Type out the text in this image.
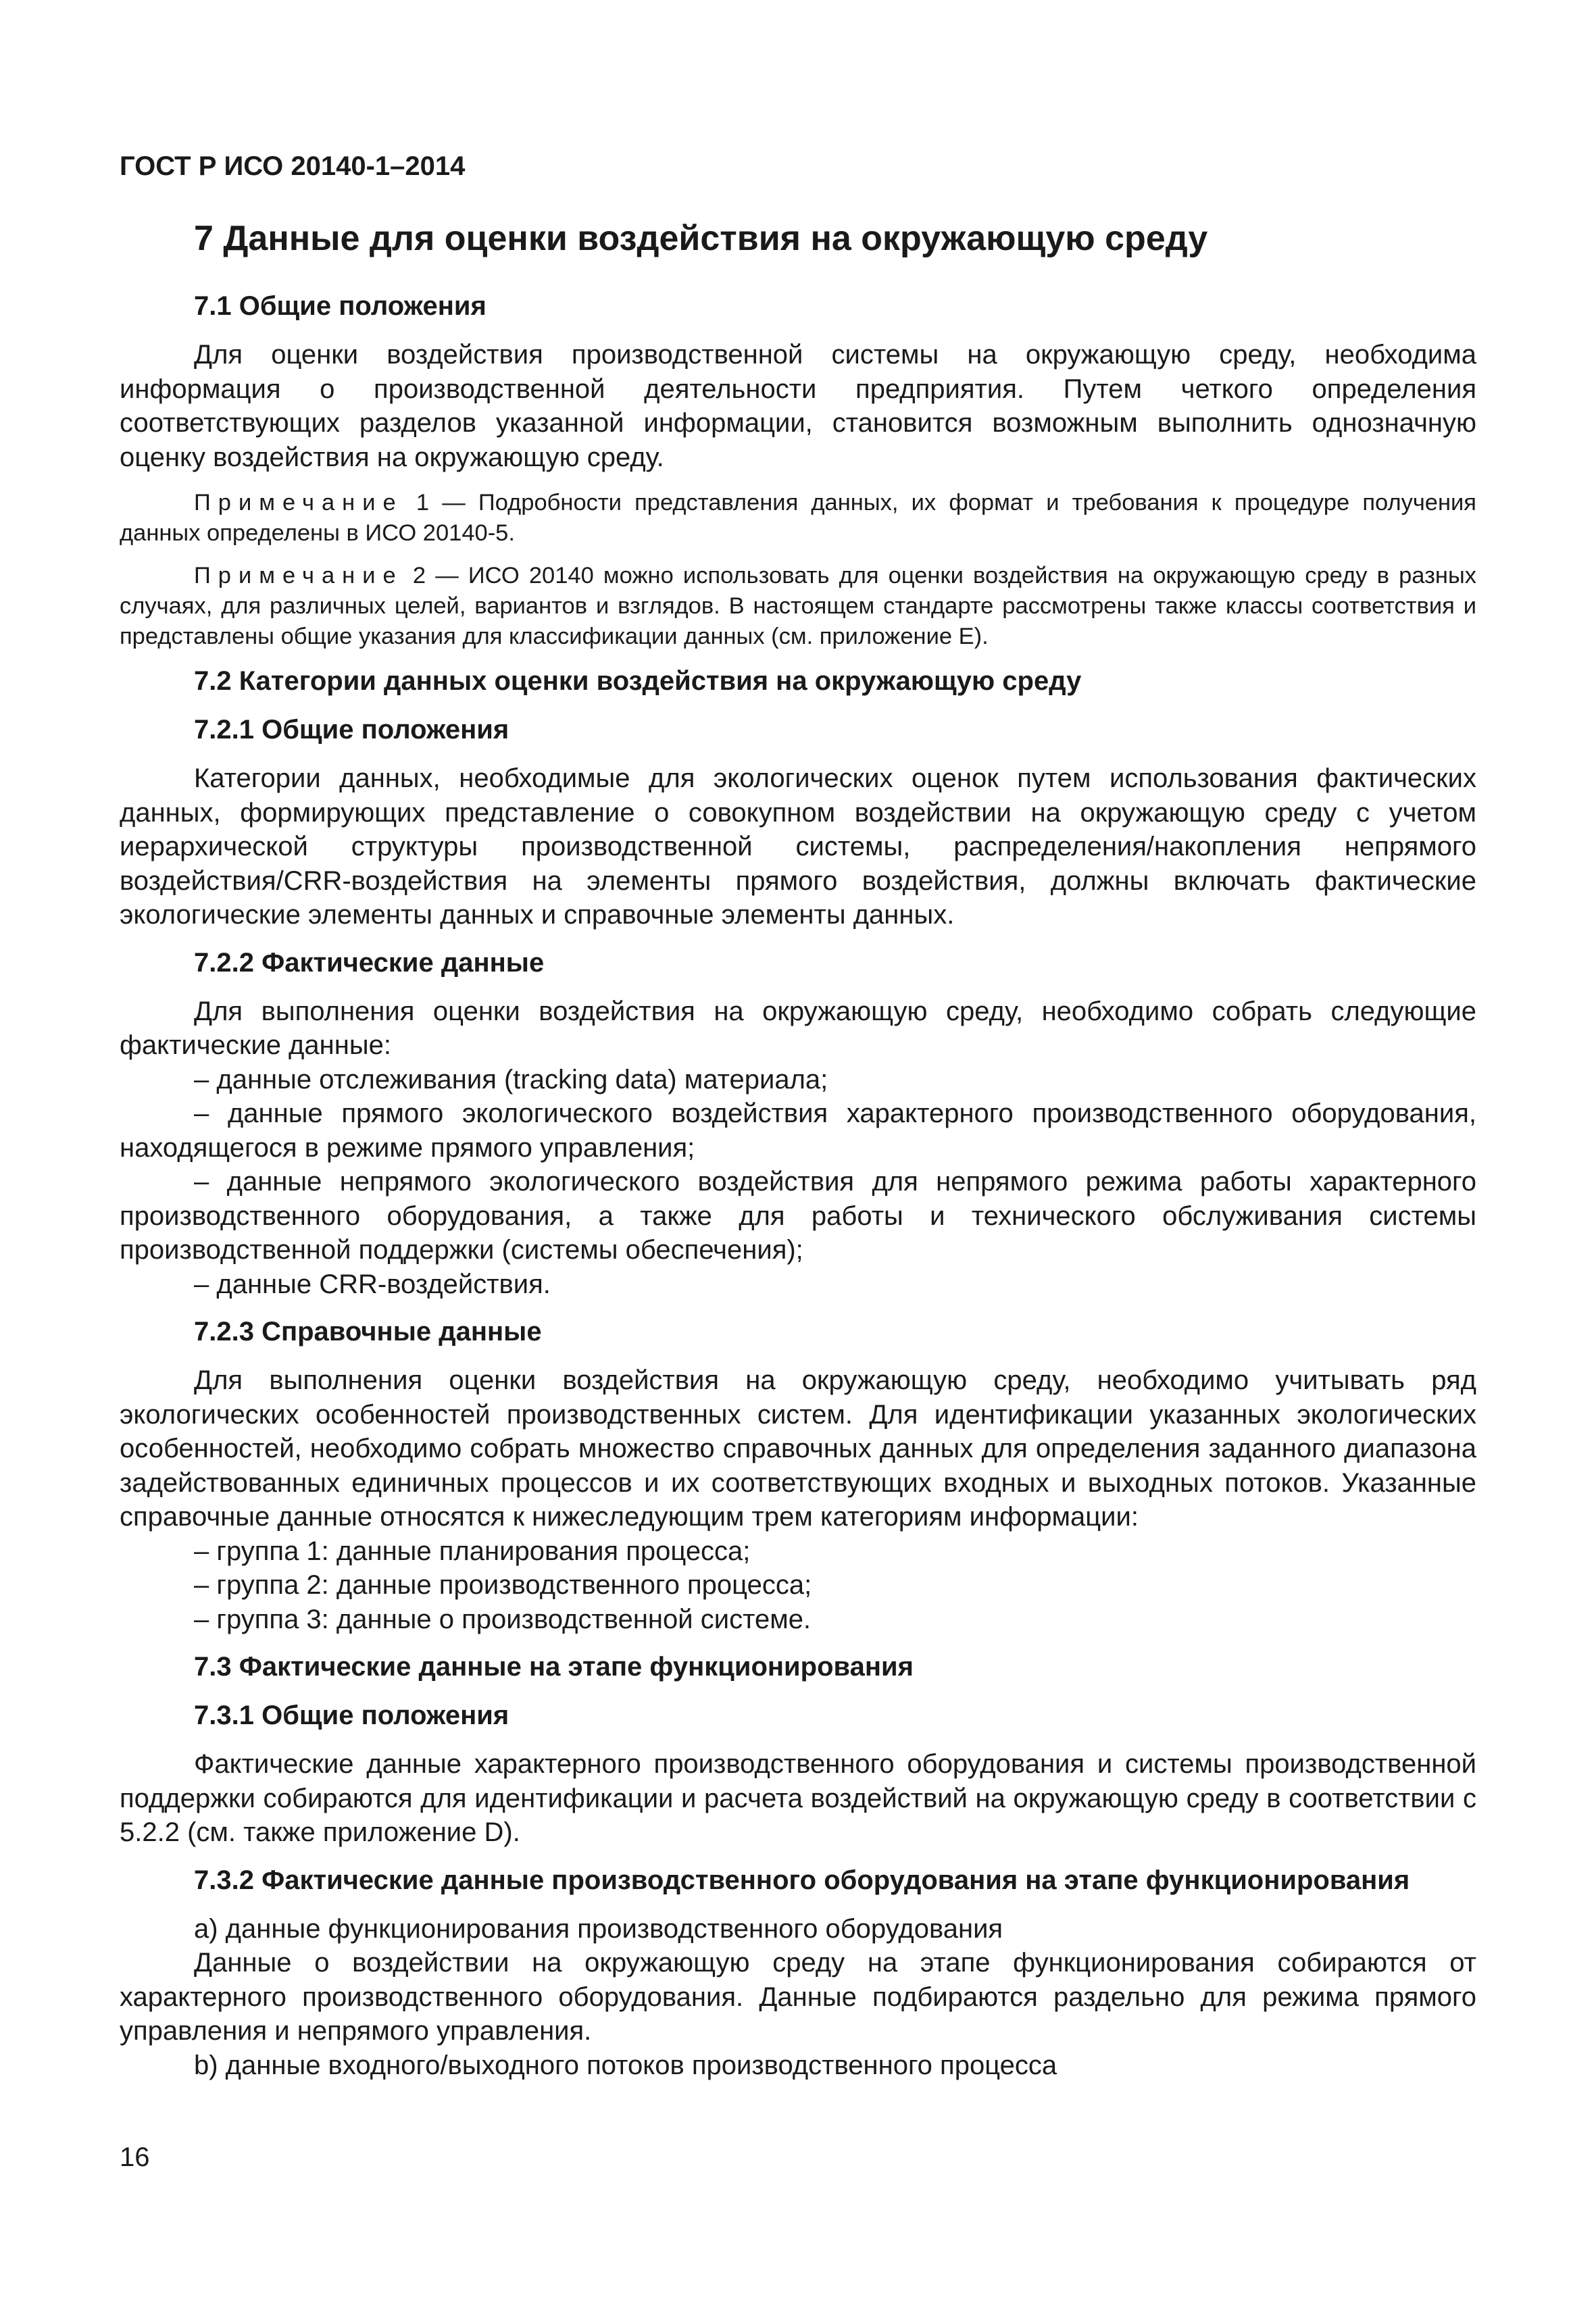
ГОСТ Р ИСО 20140-1–2014
7 Данные для оценки воздействия на окружающую среду
7.1 Общие положения

Для оценки воздействия производственной системы на окружающую среду, необходима информация о производственной деятельности предприятия. Путем четкого определения соответствующих разделов указанной информации, становится возможным выполнить однозначную оценку воздействия на окружающую среду.

Примечание 1 — Подробности представления данных, их формат и требования к процедуре получения данных определены в ИСО 20140-5.

Примечание 2 — ИСО 20140 можно использовать для оценки воздействия на окружающую среду в разных случаях, для различных целей, вариантов и взглядов. В настоящем стандарте рассмотрены также классы соответствия и представлены общие указания для классификации данных (см. приложение Е).

7.2 Категории данных оценки воздействия на окружающую среду
7.2.1 Общие положения

Категории данных, необходимые для экологических оценок путем использования фактических данных, формирующих представление о совокупном воздействии на окружающую среду с учетом иерархической структуры производственной системы, распределения/накопления непрямого воздействия/CRR-воздействия на элементы прямого воздействия, должны включать фактические экологические элементы данных и справочные элементы данных.

7.2.2 Фактические данные

Для выполнения оценки воздействия на окружающую среду, необходимо собрать следующие фактические данные:

– данные отслеживания (tracking data) материала;

– данные прямого экологического воздействия характерного производственного оборудования, находящегося в режиме прямого управления;

– данные непрямого экологического воздействия для непрямого режима работы характерного производственного оборудования, а также для работы и технического обслуживания системы производственной поддержки (системы обеспечения);

– данные CRR-воздействия.

7.2.3 Справочные данные

Для выполнения оценки воздействия на окружающую среду, необходимо учитывать ряд экологических особенностей производственных систем. Для идентификации указанных экологических особенностей, необходимо собрать множество справочных данных для определения заданного диапазона задействованных единичных процессов и их соответствующих входных и выходных потоков. Указанные справочные данные относятся к нижеследующим трем категориям информации:

– группа 1: данные планирования процесса;

– группа 2: данные производственного процесса;

– группа 3: данные о производственной системе.

7.3 Фактические данные на этапе функционирования
7.3.1 Общие положения

Фактические данные характерного производственного оборудования и системы производственной поддержки собираются для идентификации и расчета воздействий на окружающую среду в соответствии с 5.2.2 (см. также приложение D).

7.3.2 Фактические данные производственного оборудования на этапе функционирования

а) данные функционирования производственного оборудования

Данные о воздействии на окружающую среду на этапе функционирования собираются от характерного производственного оборудования. Данные подбираются раздельно для режима прямого управления и непрямого управления.

b) данные входного/выходного потоков производственного процесса

16
